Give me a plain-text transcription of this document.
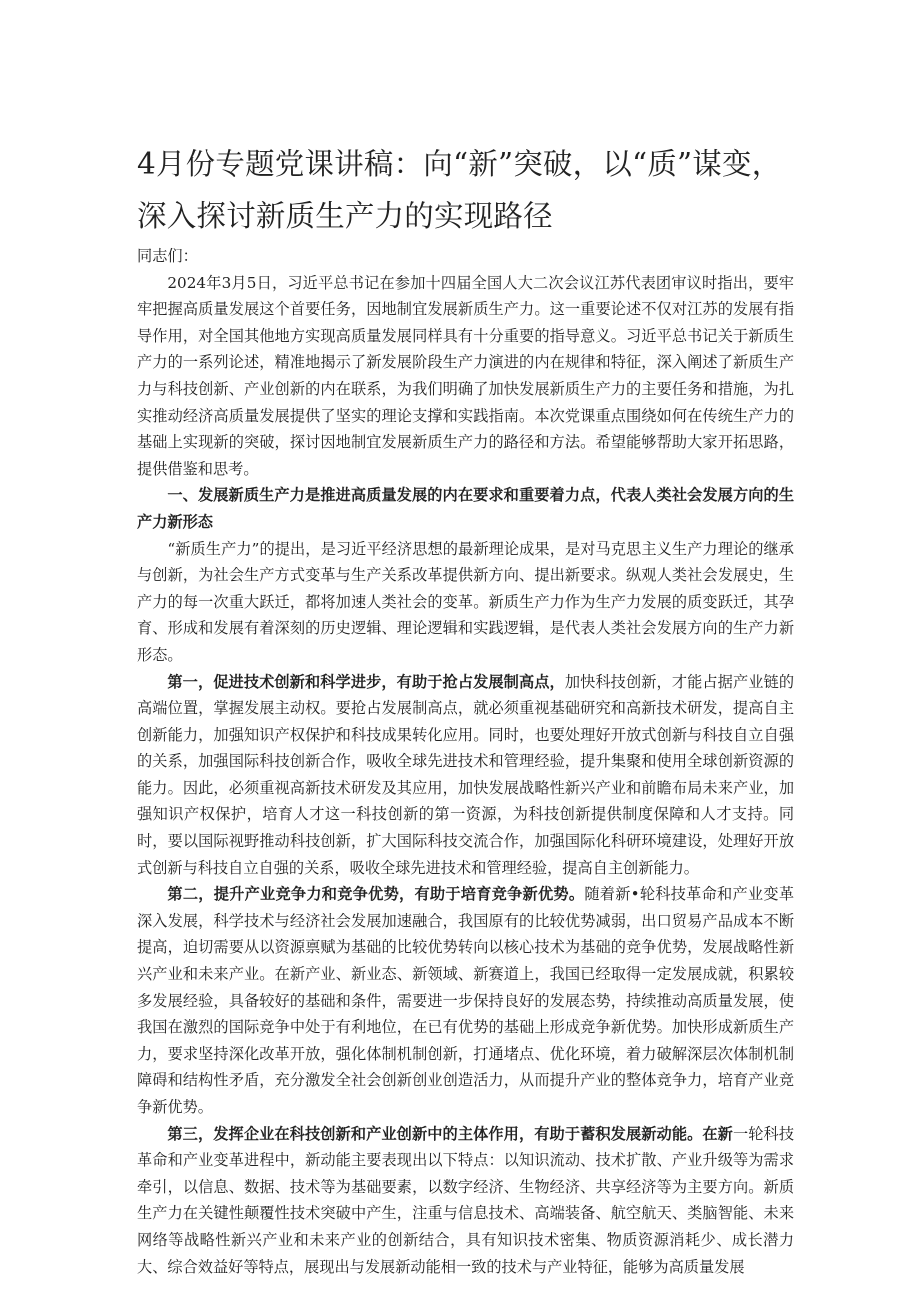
4月份专题党课讲稿：向“新”突破，以“质”谋变，
深入探讨新质生产力的实现路径

同志们：

2024年3月5日，习近平总书记在参加十四届全国人大二次会议江苏代表团审议时指出，要牢牢把握高质量发展这个首要任务，因地制宜发展新质生产力。这一重要论述不仅对江苏的发展有指导作用，对全国其他地方实现高质量发展同样具有十分重要的指导意义。习近平总书记关于新质生产力的一系列论述，精准地揭示了新发展阶段生产力演进的内在规律和特征，深入阐述了新质生产力与科技创新、产业创新的内在联系，为我们明确了加快发展新质生产力的主要任务和措施，为扎实推动经济高质量发展提供了坚实的理论支撑和实践指南。本次党课重点围绕如何在传统生产力的基础上实现新的突破，探讨因地制宜发展新质生产力的路径和方法。希望能够帮助大家开拓思路，提供借鉴和思考。

一、发展新质生产力是推进高质量发展的内在要求和重要着力点，代表人类社会发展方向的生产力新形态

“新质生产力”的提出，是习近平经济思想的最新理论成果，是对马克思主义生产力理论的继承与创新，为社会生产方式变革与生产关系改革提供新方向、提出新要求。纵观人类社会发展史，生产力的每一次重大跃迁，都将加速人类社会的变革。新质生产力作为生产力发展的质变跃迁，其孕育、形成和发展有着深刻的历史逻辑、理论逻辑和实践逻辑，是代表人类社会发展方向的生产力新形态。

第一，促进技术创新和科学进步，有助于抢占发展制高点，加快科技创新，才能占据产业链的高端位置，掌握发展主动权。要抢占发展制高点，就必须重视基础研究和高新技术研发，提高自主创新能力，加强知识产权保护和科技成果转化应用。同时，也要处理好开放式创新与科技自立自强的关系，加强国际科技创新合作，吸收全球先进技术和管理经验，提升集聚和使用全球创新资源的能力。因此，必须重视高新技术研发及其应用，加快发展战略性新兴产业和前瞻布局未来产业，加强知识产权保护，培育人才这一科技创新的第一资源，为科技创新提供制度保障和人才支持。同时，要以国际视野推动科技创新，扩大国际科技交流合作，加强国际化科研环境建设，处理好开放式创新与科技自立自强的关系，吸收全球先进技术和管理经验，提高自主创新能力。

第二，提升产业竞争力和竞争优势，有助于培育竞争新优势。随着新•轮科技革命和产业变革深入发展，科学技术与经济社会发展加速融合，我国原有的比较优势减弱，出口贸易产品成本不断提高，迫切需要从以资源禀赋为基础的比较优势转向以核心技术为基础的竞争优势，发展战略性新兴产业和未来产业。在新产业、新业态、新领域、新赛道上，我国已经取得一定发展成就，积累较多发展经验，具备较好的基础和条件，需要进一步保持良好的发展态势，持续推动高质量发展，使我国在激烈的国际竞争中处于有利地位，在已有优势的基础上形成竞争新优势。加快形成新质生产力，要求坚持深化改革开放，强化体制机制创新，打通堵点、优化环境，着力破解深层次体制机制障碍和结构性矛盾，充分激发全社会创新创业创造活力，从而提升产业的整体竞争力，培育产业竞争新优势。

第三，发挥企业在科技创新和产业创新中的主体作用，有助于蓄积发展新动能。在新一轮科技革命和产业变革进程中，新动能主要表现出以下特点：以知识流动、技术扩散、产业升级等为需求牵引，以信息、数据、技术等为基础要素，以数字经济、生物经济、共享经济等为主要方向。新质生产力在关键性颠覆性技术突破中产生，注重与信息技术、高端装备、航空航天、类脑智能、未来网络等战略性新兴产业和未来产业的创新结合，具有知识技术密集、物质资源消耗少、成长潜力大、综合效益好等特点，展现出与发展新动能相一致的技术与产业特征，能够为高质量发展
